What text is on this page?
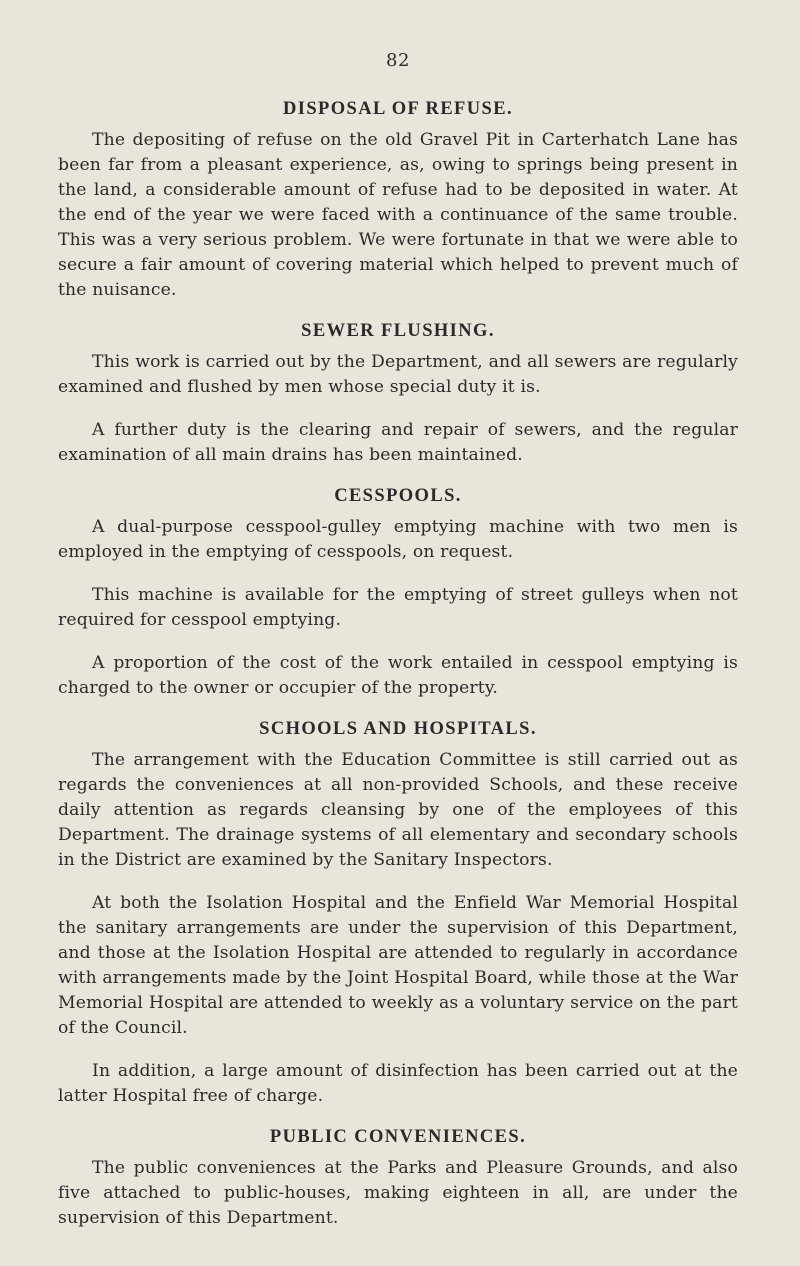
82
DISPOSAL OF REFUSE.

The depositing of refuse on the old Gravel Pit in Carterhatch Lane has been far from a pleasant experience, as, owing to springs being present in the land, a considerable amount of refuse had to be deposited in water. At the end of the year we were faced with a continuance of the same trouble. This was a very serious problem. We were fortunate in that we were able to secure a fair amount of covering material which helped to prevent much of the nuisance.

SEWER FLUSHING.

This work is carried out by the Department, and all sewers are regularly examined and flushed by men whose special duty it is.

A further duty is the clearing and repair of sewers, and the regular examination of all main drains has been maintained.

CESSPOOLS.

A dual-purpose cesspool-gulley emptying machine with two men is employed in the emptying of cesspools, on request.

This machine is available for the emptying of street gulleys when not required for cesspool emptying.

A proportion of the cost of the work entailed in cesspool emptying is charged to the owner or occupier of the property.

SCHOOLS AND HOSPITALS.

The arrangement with the Education Committee is still carried out as regards the conveniences at all non-provided Schools, and these receive daily attention as regards cleansing by one of the employees of this Department. The drainage systems of all elementary and secondary schools in the District are examined by the Sanitary Inspectors.

At both the Isolation Hospital and the Enfield War Memorial Hospital the sanitary arrangements are under the supervision of this Department, and those at the Isolation Hospital are attended to regularly in accordance with arrangements made by the Joint Hospital Board, while those at the War Memorial Hospital are attended to weekly as a voluntary service on the part of the Council.

In addition, a large amount of disinfection has been carried out at the latter Hospital free of charge.

PUBLIC CONVENIENCES.

The public conveniences at the Parks and Pleasure Grounds, and also five attached to public-houses, making eighteen in all, are under the supervision of this Department.
